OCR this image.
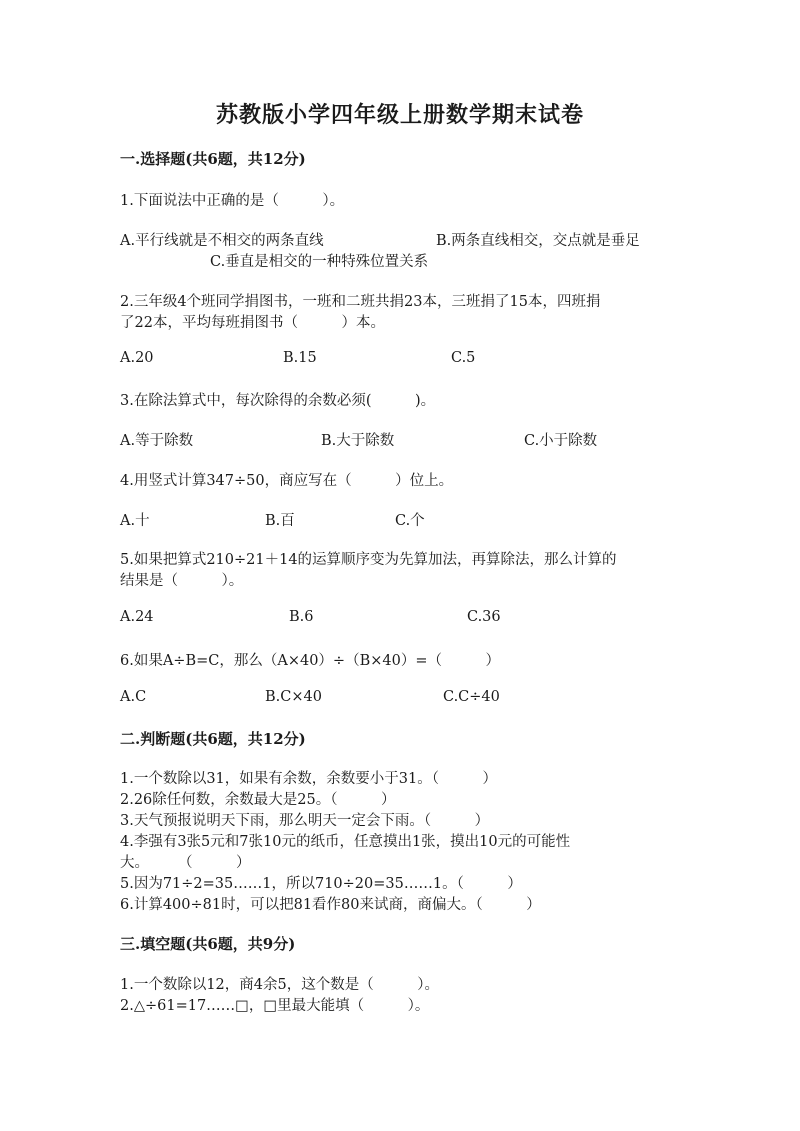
苏教版小学四年级上册数学期末试卷
一.选择题(共6题，共12分)
1.下面说法中正确的是（　　　）。
A.平行线就是不相交的两条直线	B.两条直线相交，交点就是垂足
C.垂直是相交的一种特殊位置关系
2.三年级4个班同学捐图书，一班和二班共捐23本，三班捐了15本，四班捐
了22本，平均每班捐图书（　　　）本。
A.20	B.15	C.5
3.在除法算式中，每次除得的余数必须(　　　)。
A.等于除数	B.大于除数	C.小于除数
4.用竖式计算347÷50，商应写在（　　　）位上。
A.十	B.百	C.个
5.如果把算式210÷21＋14的运算顺序变为先算加法，再算除法，那么计算的
结果是（　　　）。
A.24	B.6	C.36
6.如果A÷B=C，那么（A×40）÷（B×40）=（　　　）
A.C	B.C×40	C.C÷40
二.判断题(共6题，共12分)
1.一个数除以31，如果有余数，余数要小于31。（　　　）
2.26除任何数，余数最大是25。（　　　）
3.天气预报说明天下雨，那么明天一定会下雨。（　　　）
4.李强有3张5元和7张10元的纸币，任意摸出1张，摸出10元的可能性
大。　　　（　　　）
5.因为71÷2=35……1，所以710÷20=35……1。（　　　）
6.计算400÷81时，可以把81看作80来试商，商偏大。（　　　）
三.填空题(共6题，共9分)
1.一个数除以12，商4余5，这个数是（　　　）。
2.△÷61=17……□，□里最大能填（　　　）。
